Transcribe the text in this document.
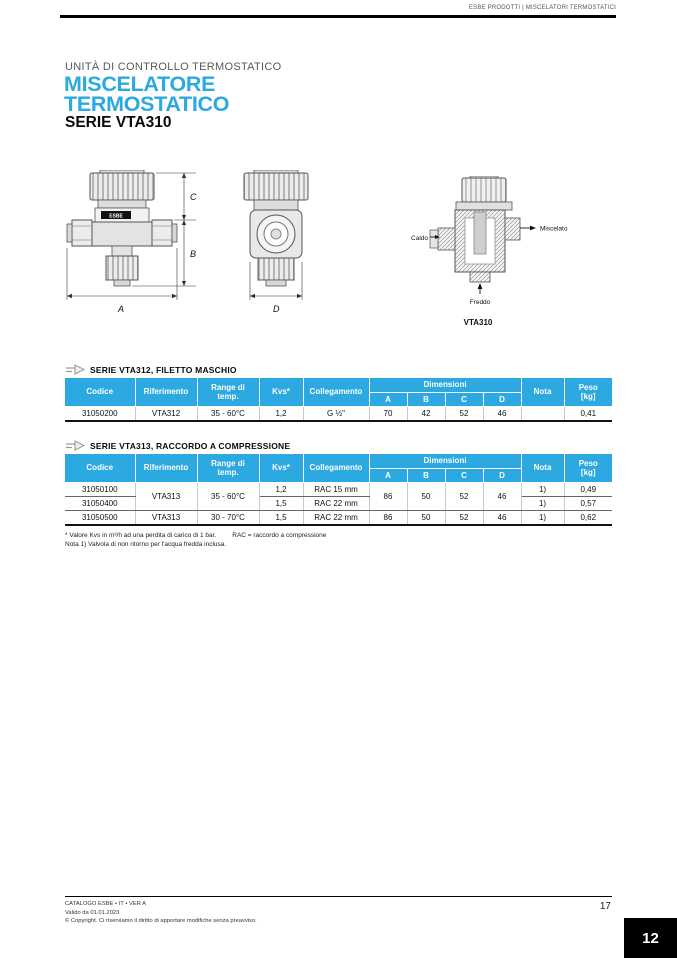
ESBE PRODOTTI | MISCELATORI TERMOSTATICI
UNITÀ DI CONTROLLO TERMOSTATICO
MISCELATORE
TERMOSTATICO
SERIE VTA310
ESBE
C
B
A	D
Caldo
Miscelato
Freddo
VTA310
SERIE VTA312, FILETTO MASCHIO
Codice	Riferimento	Range di
temp.	Kvs*	Collegamento	Dimensioni				Nota	Peso
[kg]
					A	B	C	D		
31050200	VTA312	35 - 60°C	1,2	G ½"	70	42	52	46		0,41
SERIE VTA313, RACCORDO A COMPRESSIONE
Codice	Riferimento	Range di
temp.	Kvs*	Collegamento	Dimensioni				Nota	Peso
[kg]
					A	B	C	D		
31050100	VTA313	35 - 60°C	1,2	RAC 15 mm	86	50	52	46	1)	0,49
31050400			1,5	RAC 22 mm					1)	0,57
31050500	VTA313	30 - 70°C	1,5	RAC 22 mm	86	50	52	46	1)	0,62
* Valore Kvs in m³/h ad una perdita di carico di 1 bar. RAC = raccordo a compressione
Nota 1) Valvola di non ritorno per l'acqua fredda inclusa.
CATALOGO ESBE • IT • VER A
Valido da 01.01.2023
© Copyright. Ci riserviamo il diritto di apportare modifiche senza preavviso.
17
12
